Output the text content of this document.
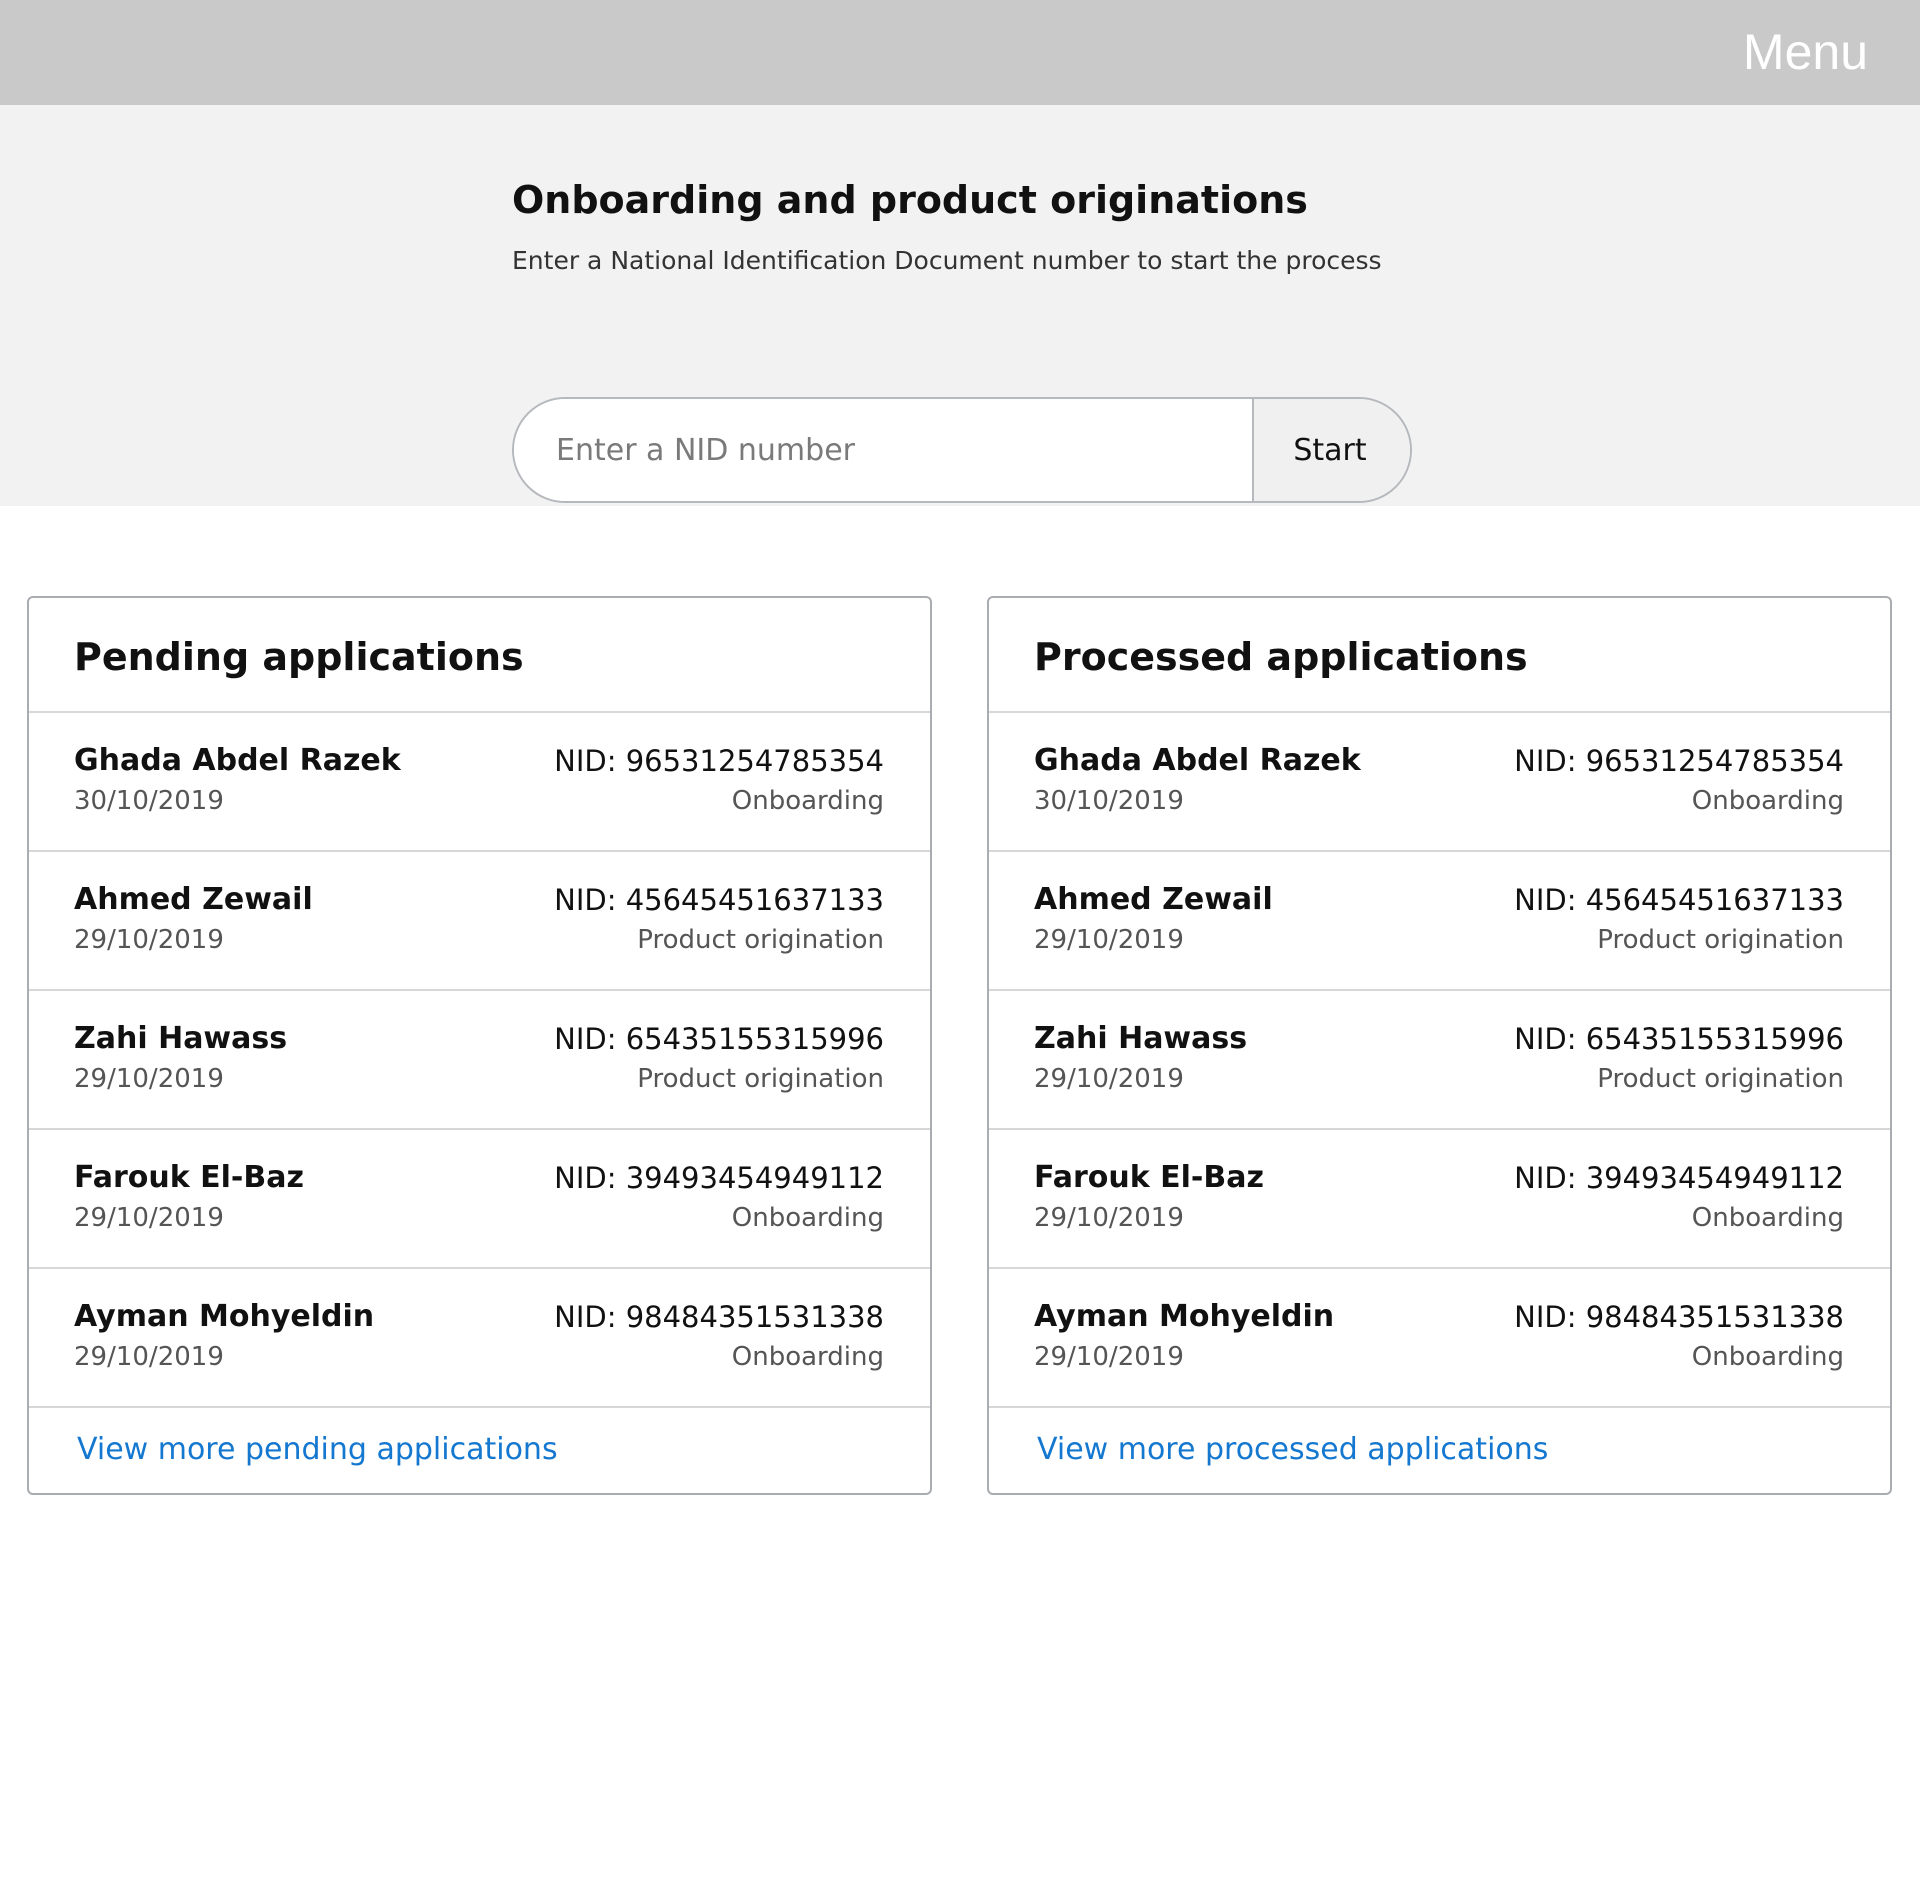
Menu
Onboarding and product originations
Enter a National Identification Document number to start the process
Enter a NID number
Start
Pending applications
Ghada Abdel Razek
30/10/2019
NID: 96531254785354
Onboarding
Ahmed Zewail
29/10/2019
NID: 45645451637133
Product origination
Zahi Hawass
29/10/2019
NID: 65435155315996
Product origination
Farouk El-Baz
29/10/2019
NID: 39493454949112
Onboarding
Ayman Mohyeldin
29/10/2019
NID: 98484351531338
Onboarding
View more pending applications
Processed applications
Ghada Abdel Razek
30/10/2019
NID: 96531254785354
Onboarding
Ahmed Zewail
29/10/2019
NID: 45645451637133
Product origination
Zahi Hawass
29/10/2019
NID: 65435155315996
Product origination
Farouk El-Baz
29/10/2019
NID: 39493454949112
Onboarding
Ayman Mohyeldin
29/10/2019
NID: 98484351531338
Onboarding
View more processed applications
